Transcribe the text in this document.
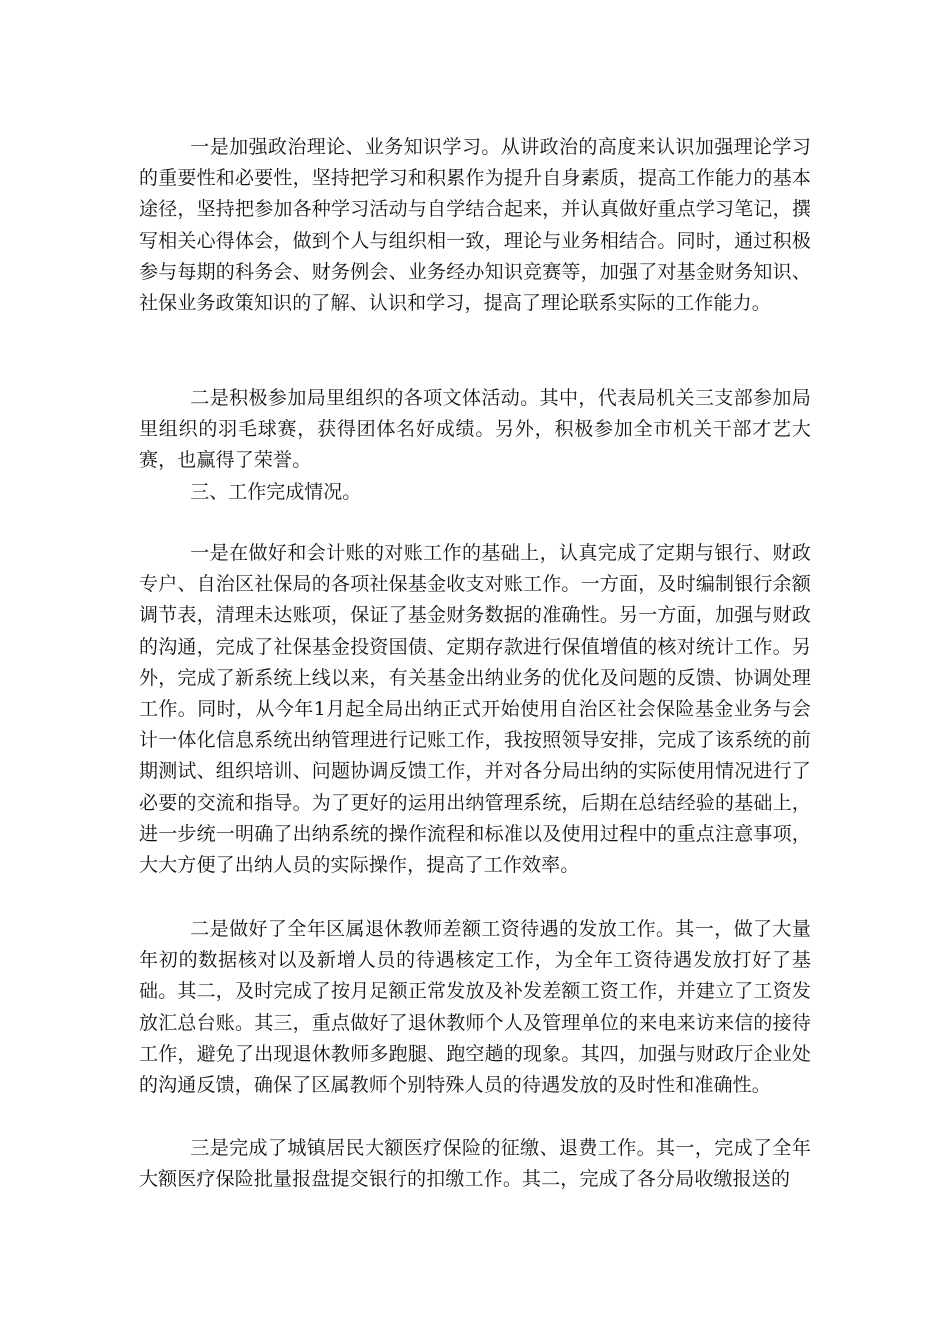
一是加强政治理论、业务知识学习。从讲政治的高度来认识加强理论学习的重要性和必要性，坚持把学习和积累作为提升自身素质，提高工作能力的基本途径，坚持把参加各种学习活动与自学结合起来，并认真做好重点学习笔记，撰写相关心得体会，做到个人与组织相一致，理论与业务相结合。同时，通过积极参与每期的科务会、财务例会、业务经办知识竞赛等，加强了对基金财务知识、社保业务政策知识的了解、认识和学习，提高了理论联系实际的工作能力。

二是积极参加局里组织的各项文体活动。其中，代表局机关三支部参加局里组织的羽毛球赛，获得团体名好成绩。另外，积极参加全市机关干部才艺大赛，也赢得了荣誉。

三、工作完成情况。

一是在做好和会计账的对账工作的基础上，认真完成了定期与银行、财政专户、自治区社保局的各项社保基金收支对账工作。一方面，及时编制银行余额调节表，清理未达账项，保证了基金财务数据的准确性。另一方面，加强与财政的沟通，完成了社保基金投资国债、定期存款进行保值增值的核对统计工作。另外，完成了新系统上线以来，有关基金出纳业务的优化及问题的反馈、协调处理工作。同时，从今年1月起全局出纳正式开始使用自治区社会保险基金业务与会计一体化信息系统出纳管理进行记账工作，我按照领导安排，完成了该系统的前期测试、组织培训、问题协调反馈工作，并对各分局出纳的实际使用情况进行了必要的交流和指导。为了更好的运用出纳管理系统，后期在总结经验的基础上，进一步统一明确了出纳系统的操作流程和标准以及使用过程中的重点注意事项，大大方便了出纳人员的实际操作，提高了工作效率。

二是做好了全年区属退休教师差额工资待遇的发放工作。其一，做了大量年初的数据核对以及新增人员的待遇核定工作，为全年工资待遇发放打好了基础。其二，及时完成了按月足额正常发放及补发差额工资工作，并建立了工资发放汇总台账。其三，重点做好了退休教师个人及管理单位的来电来访来信的接待工作，避免了出现退休教师多跑腿、跑空趟的现象。其四，加强与财政厅企业处的沟通反馈，确保了区属教师个别特殊人员的待遇发放的及时性和准确性。

三是完成了城镇居民大额医疗保险的征缴、退费工作。其一，完成了全年大额医疗保险批量报盘提交银行的扣缴工作。其二，完成了各分局收缴报送的
